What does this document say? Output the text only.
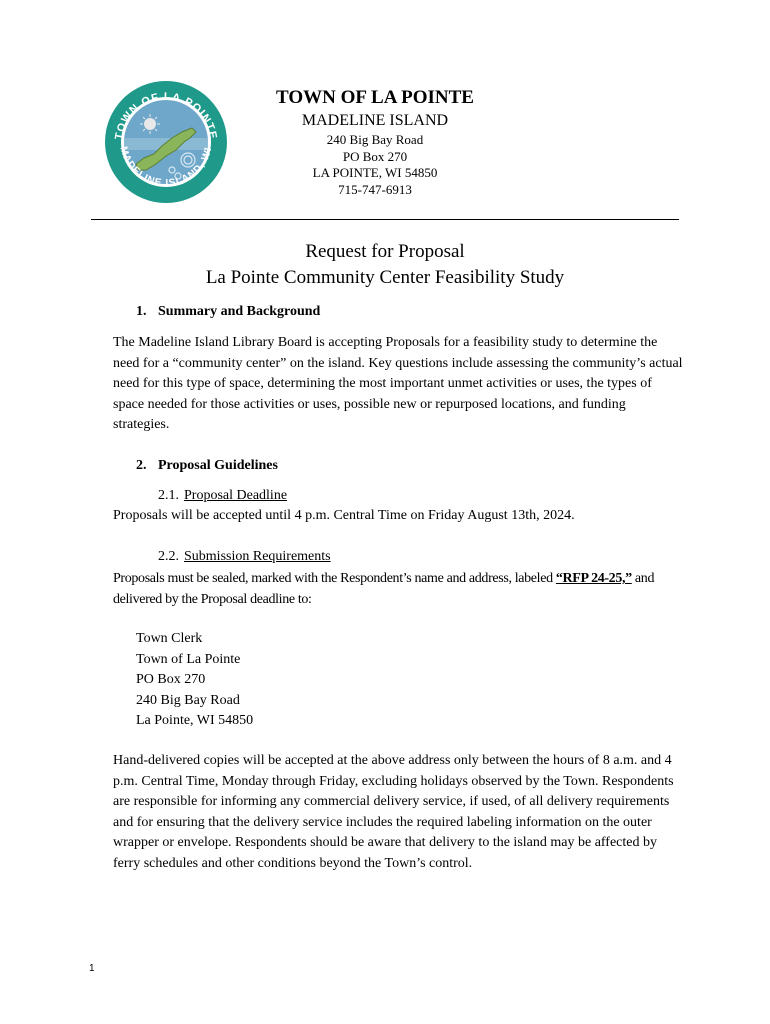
TOWN OF LA POINTE
MADELINE ISLAND, WI
TOWN OF LA POINTE
MADELINE ISLAND
240 Big Bay Road
PO Box 270
LA POINTE, WI 54850
715-747-6913
Request for Proposal
La Pointe Community Center Feasibility Study
1. Summary and Background
The Madeline Island Library Board is accepting Proposals for a feasibility study to determine the need for a “community center” on the island. Key questions include assessing the community’s actual need for this type of space, determining the most important unmet activities or uses, the types of space needed for those activities or uses, possible new or repurposed locations, and funding strategies.
2. Proposal Guidelines
2.1. Proposal Deadline
Proposals will be accepted until 4 p.m. Central Time on Friday August 13th, 2024.
2.2. Submission Requirements
Proposals must be sealed, marked with the Respondent’s name and address, labeled “RFP 24-25,” and delivered by the Proposal deadline to:
Town Clerk
Town of La Pointe
PO Box 270
240 Big Bay Road
La Pointe, WI 54850
Hand-delivered copies will be accepted at the above address only between the hours of 8 a.m. and 4 p.m. Central Time, Monday through Friday, excluding holidays observed by the Town. Respondents are responsible for informing any commercial delivery service, if used, of all delivery requirements and for ensuring that the delivery service includes the required labeling information on the outer wrapper or envelope. Respondents should be aware that delivery to the island may be affected by ferry schedules and other conditions beyond the Town’s control.
1
